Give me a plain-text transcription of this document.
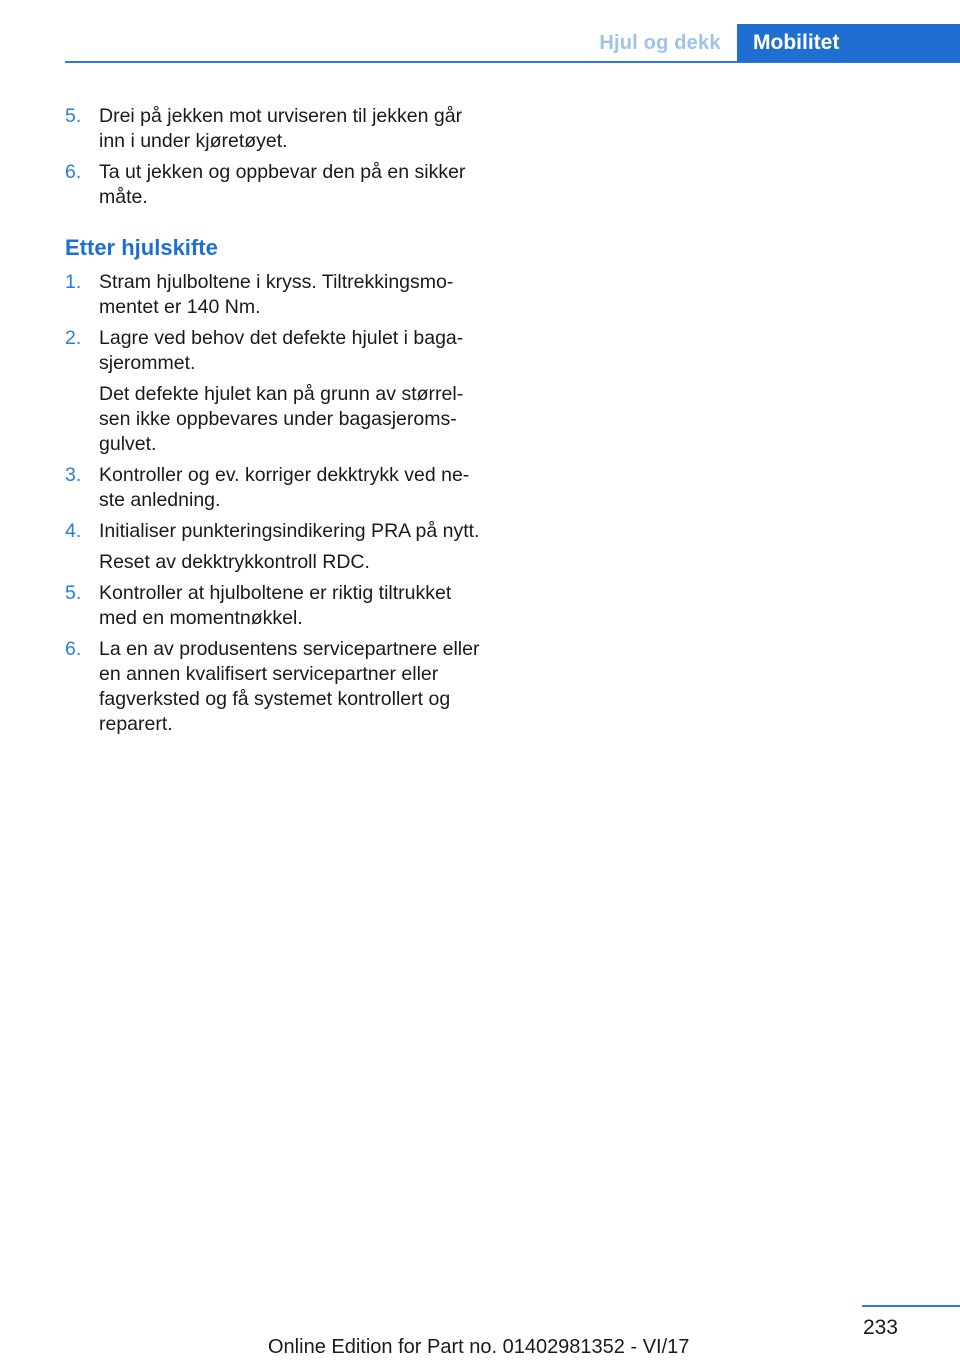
Hjul og dekk	Mobilitet
5. Drei på jekken mot urviseren til jekken går inn i under kjøretøyet.

6. Ta ut jekken og oppbevar den på en sikker måte.

Etter hjulskifte
1. Stram hjulboltene i kryss. Tiltrekkingsmomentet er 140 Nm.

2. Lagre ved behov det defekte hjulet i bagasjerommet.

Det defekte hjulet kan på grunn av størrelsen ikke oppbevares under bagasjeromsgulvet.

3. Kontroller og ev. korriger dekktrykk ved neste anledning.

4. Initialiser punkteringsindikering PRA på nytt.

Reset av dekktrykkontroll RDC.

5. Kontroller at hjulboltene er riktig tiltrukket med en momentnøkkel.

6. La en av produsentens servicepartnere eller en annen kvalifisert servicepartner eller fagverksted og få systemet kontrollert og reparert.

233
Online Edition for Part no. 01402981352 - VI/17
